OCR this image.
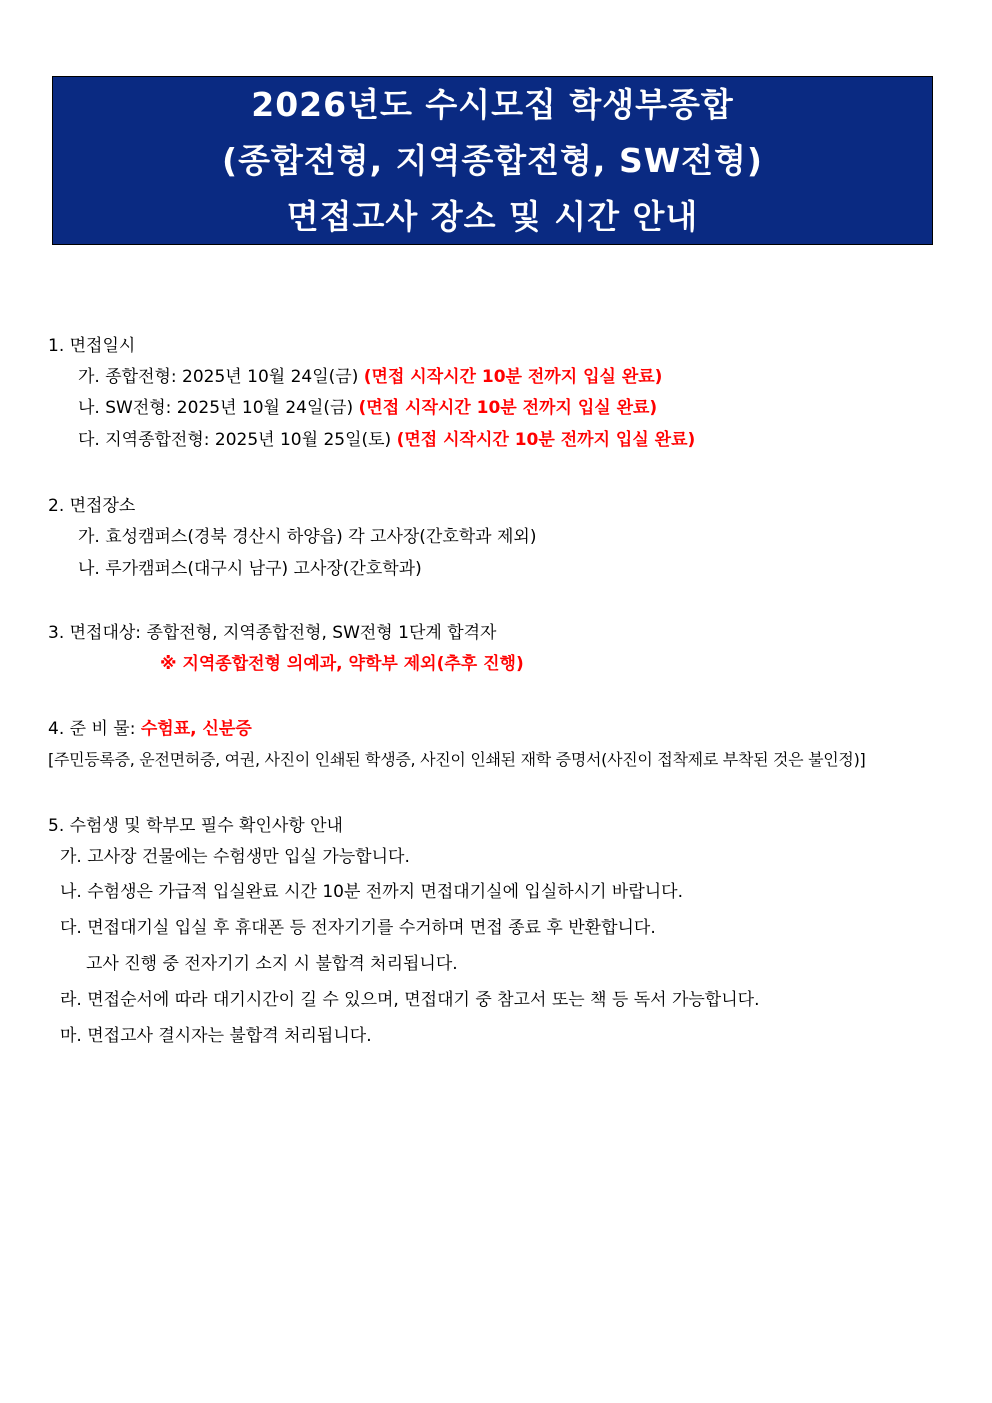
2026년도 수시모집 학생부종합
(종합전형, 지역종합전형, SW전형)
면접고사 장소 및 시간 안내
1. 면접일시
가. 종합전형: 2025년 10월 24일(금) (면접 시작시간 10분 전까지 입실 완료)
나. SW전형: 2025년 10월 24일(금) (면접 시작시간 10분 전까지 입실 완료)
다. 지역종합전형: 2025년 10월 25일(토) (면접 시작시간 10분 전까지 입실 완료)
2. 면접장소
가. 효성캠퍼스(경북 경산시 하양읍) 각 고사장(간호학과 제외)
나. 루가캠퍼스(대구시 남구) 고사장(간호학과)
3. 면접대상: 종합전형, 지역종합전형, SW전형 1단계 합격자
※ 지역종합전형 의예과, 약학부 제외(추후 진행)
4. 준 비 물: 수험표, 신분증
[주민등록증, 운전면허증, 여권, 사진이 인쇄된 학생증, 사진이 인쇄된 재학 증명서(사진이 접착제로 부착된 것은 불인정)]
5. 수험생 및 학부모 필수 확인사항 안내
가. 고사장 건물에는 수험생만 입실 가능합니다.
나. 수험생은 가급적 입실완료 시간 10분 전까지 면접대기실에 입실하시기 바랍니다.
다. 면접대기실 입실 후 휴대폰 등 전자기기를 수거하며 면접 종료 후 반환합니다.
고사 진행 중 전자기기 소지 시 불합격 처리됩니다.
라. 면접순서에 따라 대기시간이 길 수 있으며, 면접대기 중 참고서 또는 책 등 독서 가능합니다.
마. 면접고사 결시자는 불합격 처리됩니다.
